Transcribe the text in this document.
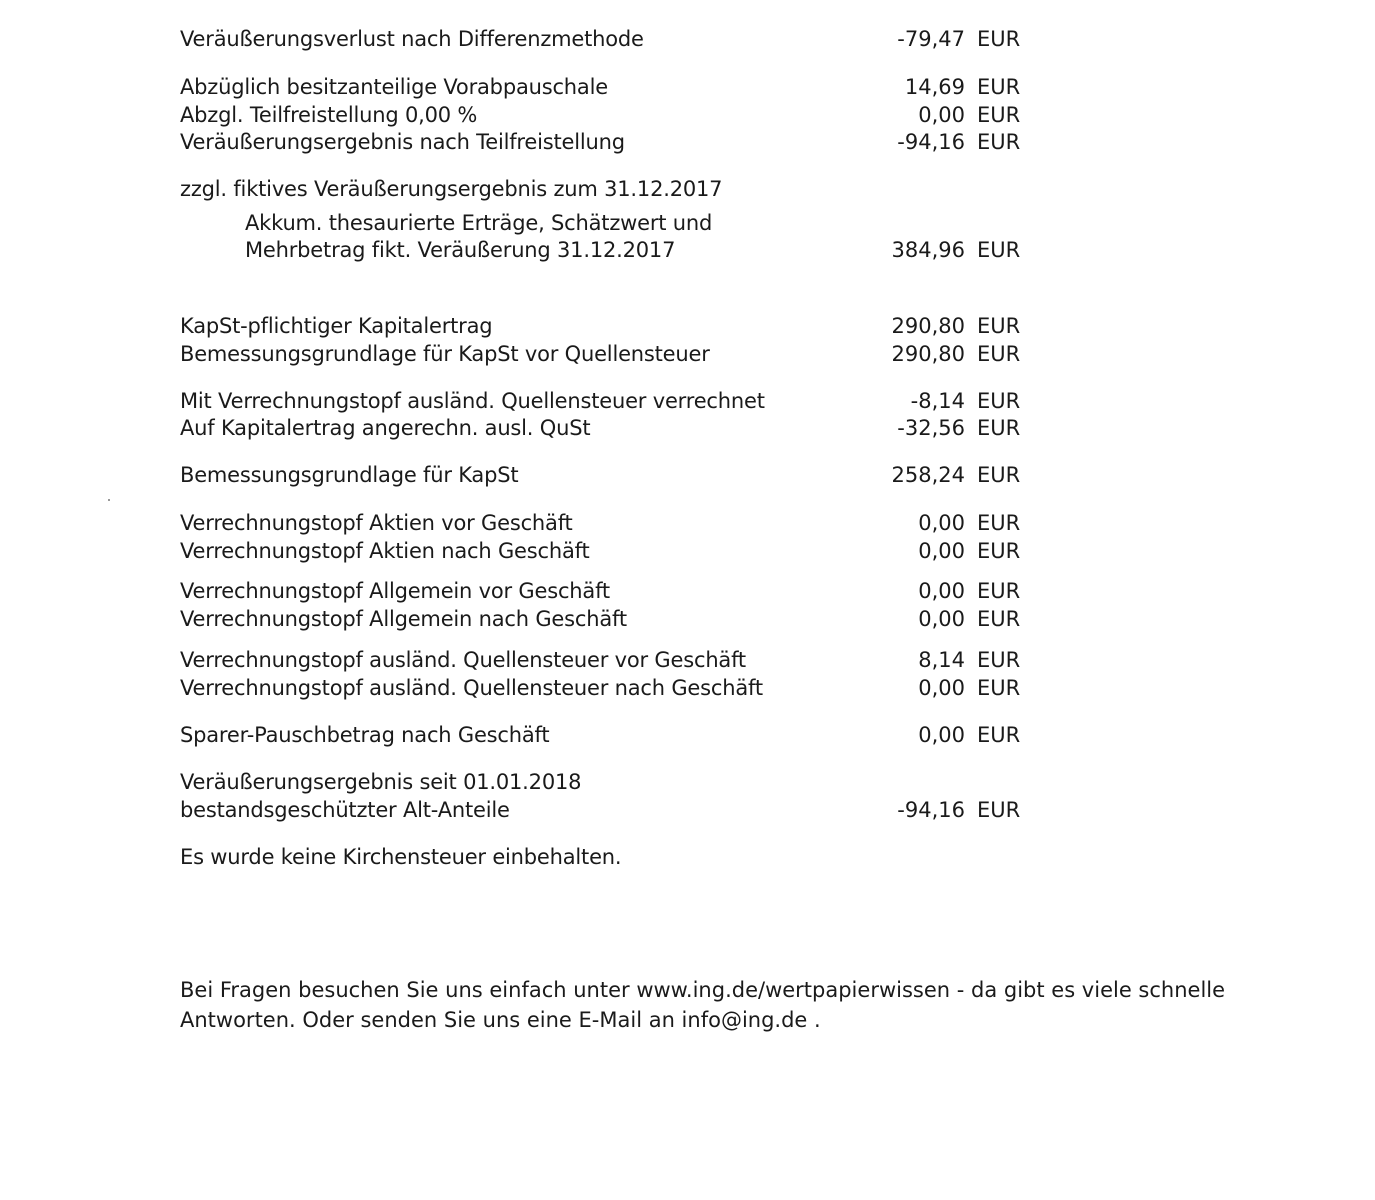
Veräußerungsverlust nach Differenzmethode	-79,47 EUR
Abzüglich besitzanteilige Vorabpauschale	14,69 EUR
Abzgl. Teilfreistellung 0,00 %	0,00 EUR
Veräußerungsergebnis nach Teilfreistellung	-94,16 EUR
zzgl. fiktives Veräußerungsergebnis zum 31.12.2017
Akkum. thesaurierte Erträge, Schätzwert und
Mehrbetrag fikt. Veräußerung 31.12.2017	384,96 EUR
KapSt-pflichtiger Kapitalertrag	290,80 EUR
Bemessungsgrundlage für KapSt vor Quellensteuer	290,80 EUR
Mit Verrechnungstopf ausländ. Quellensteuer verrechnet	-8,14 EUR
Auf Kapitalertrag angerechn. ausl. QuSt	-32,56 EUR
Bemessungsgrundlage für KapSt	258,24 EUR
Verrechnungstopf Aktien vor Geschäft	0,00 EUR
Verrechnungstopf Aktien nach Geschäft	0,00 EUR
Verrechnungstopf Allgemein vor Geschäft	0,00 EUR
Verrechnungstopf Allgemein nach Geschäft	0,00 EUR
Verrechnungstopf ausländ. Quellensteuer vor Geschäft	8,14 EUR
Verrechnungstopf ausländ. Quellensteuer nach Geschäft	0,00 EUR
Sparer-Pauschbetrag nach Geschäft	0,00 EUR
Veräußerungsergebnis seit 01.01.2018
bestandsgeschützter Alt-Anteile	-94,16 EUR
Es wurde keine Kirchensteuer einbehalten.
Bei Fragen besuchen Sie uns einfach unter www.ing.de/wertpapierwissen - da gibt es viele schnelle
Antworten. Oder senden Sie uns eine E-Mail an info@ing.de .
